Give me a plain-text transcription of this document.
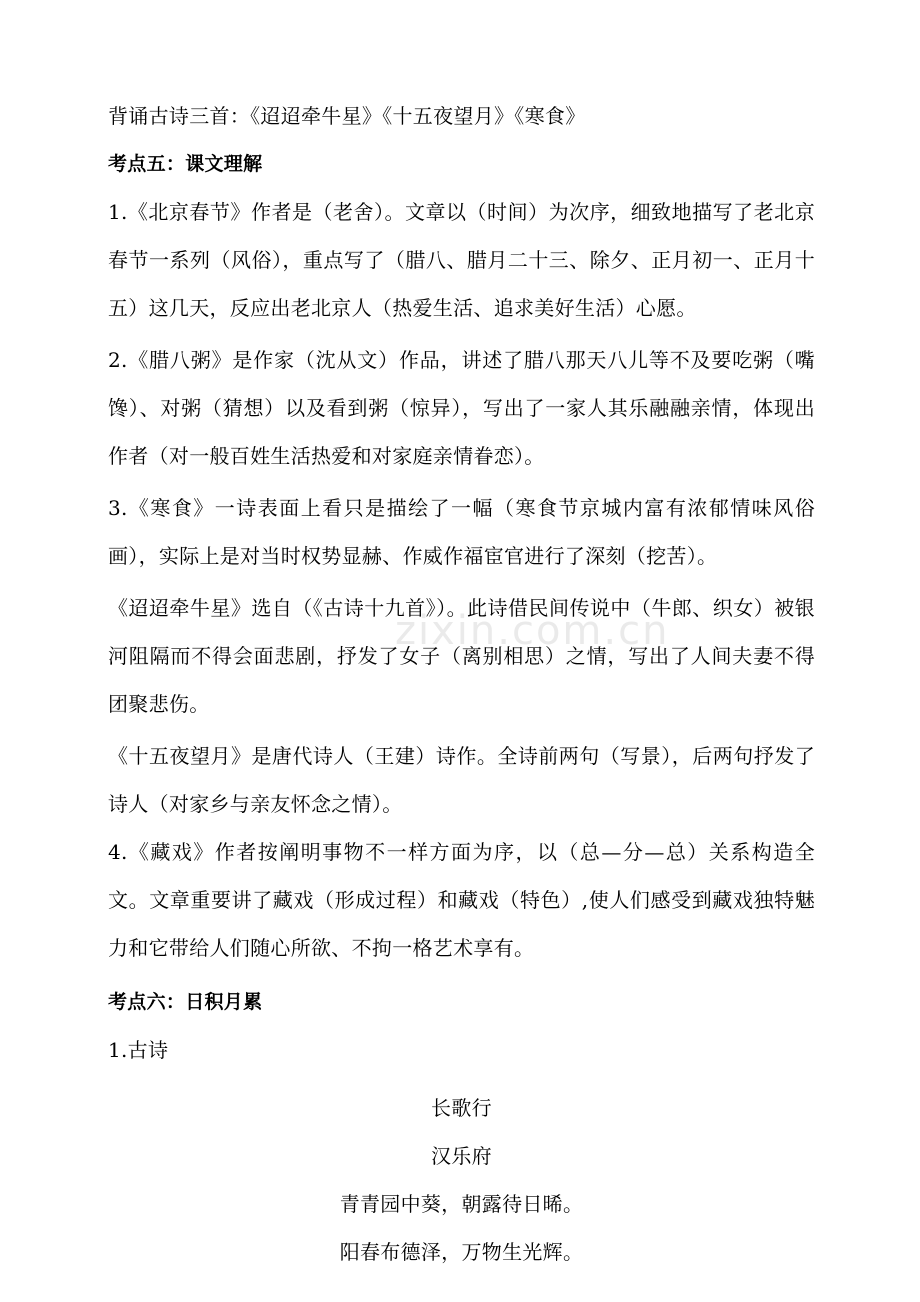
背诵古诗三首：《迢迢牵牛星》《十五夜望月》《寒食》

考点五：课文理解

1.《北京春节》作者是（老舍）。文章以（时间）为次序，细致地描写了老北京春节一系列（风俗），重点写了（腊八、腊月二十三、除夕、正月初一、正月十五）这几天，反应出老北京人（热爱生活、追求美好生活）心愿。

2.《腊八粥》是作家（沈从文）作品，讲述了腊八那天八儿等不及要吃粥（嘴馋）、对粥（猜想）以及看到粥（惊异），写出了一家人其乐融融亲情，体现出作者（对一般百姓生活热爱和对家庭亲情眷恋）。

3.《寒食》一诗表面上看只是描绘了一幅（寒食节京城内富有浓郁情味风俗画），实际上是对当时权势显赫、作威作福宦官进行了深刻（挖苦）。

《迢迢牵牛星》选自（《古诗十九首》）。此诗借民间传说中（牛郎、织女）被银河阻隔而不得会面悲剧，抒发了女子（离别相思）之情，写出了人间夫妻不得团聚悲伤。

《十五夜望月》是唐代诗人（王建）诗作。全诗前两句（写景），后两句抒发了诗人（对家乡与亲友怀念之情）。

4.《藏戏》作者按阐明事物不一样方面为序，以（总—分—总）关系构造全文。文章重要讲了藏戏（形成过程）和藏戏（特色）,使人们感受到藏戏独特魅力和它带给人们随心所欲、不拘一格艺术享有。

考点六：日积月累

1.古诗

长歌行

汉乐府

青青园中葵，朝露待日晞。

阳春布德泽，万物生光辉。

zixin.com.cn
